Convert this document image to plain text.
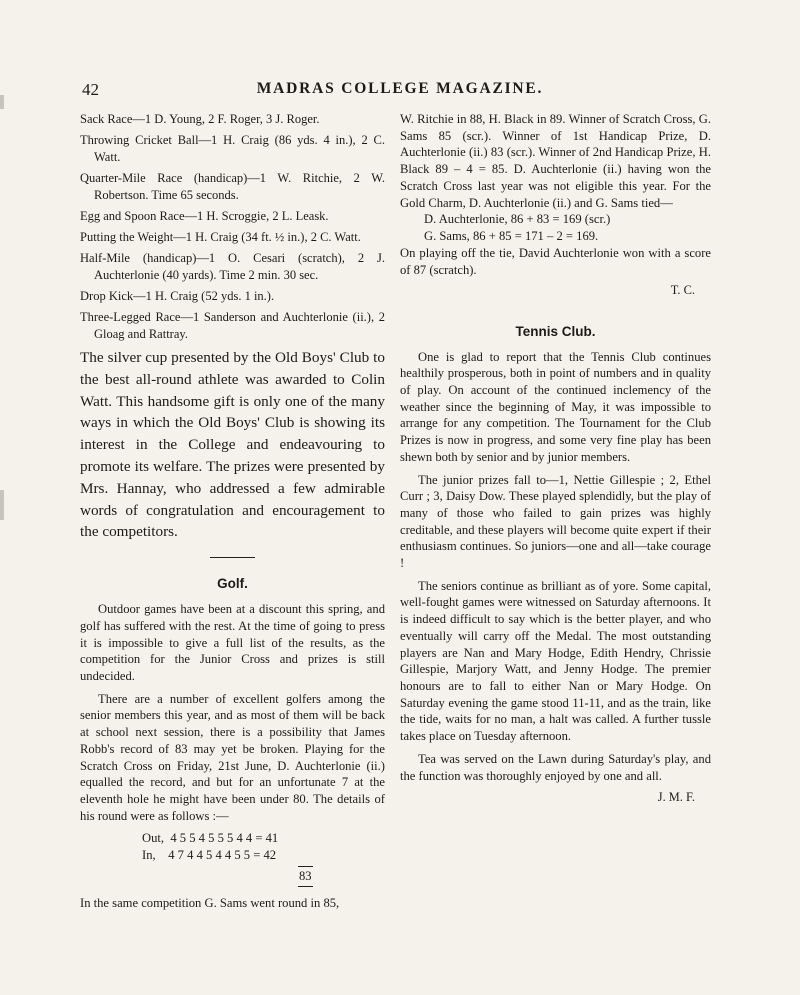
42	MADRAS COLLEGE MAGAZINE.

Sack Race—1 D. Young, 2 F. Roger, 3 J. Roger.

Throwing Cricket Ball—1 H. Craig (86 yds. 4 in.), 2 C. Watt.

Quarter-Mile Race (handicap)—1 W. Ritchie, 2 W. Robertson. Time 65 seconds.

Egg and Spoon Race—1 H. Scroggie, 2 L. Leask.

Putting the Weight—1 H. Craig (34 ft. ½ in.), 2 C. Watt.

Half-Mile (handicap)—1 O. Cesari (scratch), 2 J. Auchterlonie (40 yards). Time 2 min. 30 sec.

Drop Kick—1 H. Craig (52 yds. 1 in.).

Three-Legged Race—1 Sanderson and Auchterlonie (ii.), 2 Gloag and Rattray.

The silver cup presented by the Old Boys' Club to the best all-round athlete was awarded to Colin Watt. This handsome gift is only one of the many ways in which the Old Boys' Club is showing its interest in the College and endeavouring to promote its welfare. The prizes were presented by Mrs. Hannay, who addressed a few admirable words of congratulation and encouragement to the competitors.

Golf.

Outdoor games have been at a discount this spring, and golf has suffered with the rest. At the time of going to press it is impossible to give a full list of the results, as the competition for the Junior Cross and prizes is still undecided.

There are a number of excellent golfers among the senior members this year, and as most of them will be back at school next session, there is a possibility that James Robb's record of 83 may yet be broken. Playing for the Scratch Cross on Friday, 21st June, D. Auchterlonie (ii.) equalled the record, and but for an unfortunate 7 at the eleventh hole he might have been under 80. The details of his round were as follows :—

Out,  4 5 5 4 5 5 5 4 4 = 41

In,    4 7 4 4 5 4 4 5 5 = 42

83

In the same competition G. Sams went round in 85,

W. Ritchie in 88, H. Black in 89. Winner of Scratch Cross, G. Sams 85 (scr.). Winner of 1st Handicap Prize, D. Auchterlonie (ii.) 83 (scr.). Winner of 2nd Handicap Prize, H. Black 89 – 4 = 85. D. Auchterlonie (ii.) having won the Scratch Cross last year was not eligible this year. For the Gold Charm, D. Auchterlonie (ii.) and G. Sams tied—

D. Auchterlonie, 86 + 83 = 169 (scr.)

G. Sams, 86 + 85 = 171 – 2 = 169.

On playing off the tie, David Auchterlonie won with a score of 87 (scratch).

T. C.

Tennis Club.

One is glad to report that the Tennis Club continues healthily prosperous, both in point of numbers and in quality of play. On account of the continued inclemency of the weather since the beginning of May, it was impossible to arrange for any competition. The Tournament for the Club Prizes is now in progress, and some very fine play has been shewn both by senior and by junior members.

The junior prizes fall to—1, Nettie Gillespie ; 2, Ethel Curr ; 3, Daisy Dow. These played splendidly, but the play of many of those who failed to gain prizes was highly creditable, and these players will become quite expert if their enthusiasm continues. So juniors—one and all—take courage !

The seniors continue as brilliant as of yore. Some capital, well-fought games were witnessed on Saturday afternoons. It is indeed difficult to say which is the better player, and who eventually will carry off the Medal. The most outstanding players are Nan and Mary Hodge, Edith Hendry, Chrissie Gillespie, Marjory Watt, and Jenny Hodge. The premier honours are to fall to either Nan or Mary Hodge. On Saturday evening the game stood 11-11, and as the train, like the tide, waits for no man, a halt was called. A further tussle takes place on Tuesday afternoon.

Tea was served on the Lawn during Saturday's play, and the function was thoroughly enjoyed by one and all.

J. M. F.
